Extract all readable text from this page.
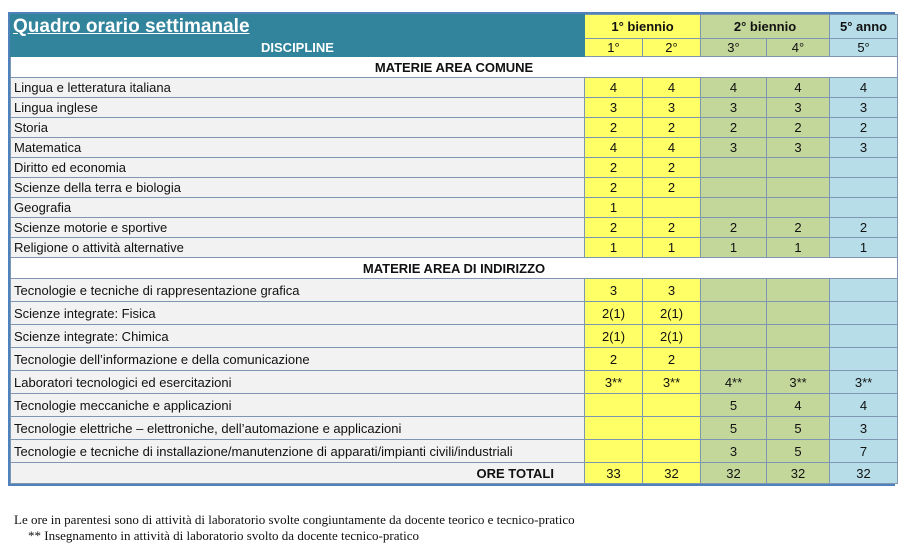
Quadro orario settimanale	1° biennio		2° biennio		5° anno
DISCIPLINE	1°	2°	3°	4°	5°
MATERIE AREA COMUNE					
Lingua e letteratura italiana	4	4	4	4	4
Lingua inglese	3	3	3	3	3
Storia	2	2	2	2	2
Matematica	4	4	3	3	3
Diritto ed economia	2	2			
Scienze della terra e biologia	2	2			
Geografia	1				
Scienze motorie e sportive	2	2	2	2	2
Religione o attività alternative	1	1	1	1	1
MATERIE AREA DI INDIRIZZO					
Tecnologie e tecniche di rappresentazione grafica	3	3			
Scienze integrate: Fisica	2(1)	2(1)			
Scienze integrate: Chimica	2(1)	2(1)			
Tecnologie dell’informazione e della comunicazione	2	2			
Laboratori tecnologici ed esercitazioni	3**	3**	4**	3**	3**
Tecnologie meccaniche e applicazioni			5	4	4
Tecnologie elettriche – elettroniche, dell’automazione e applicazioni			5	5	3
Tecnologie e tecniche di installazione/manutenzione di apparati/impianti civili/industriali			3	5	7
ORE TOTALI	33	32	32	32	32
Le ore in parentesi sono di attività di laboratorio svolte congiuntamente da docente teorico e tecnico-pratico
** Insegnamento in attività di laboratorio svolto da docente tecnico-pratico
